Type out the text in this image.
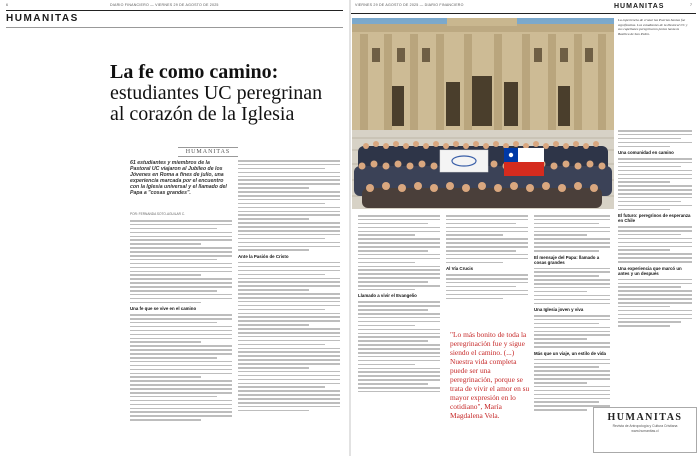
6	DIARIO FINANCIERO — VIERNES 29 DE AGOSTO DE 2025
HUMANITAS
La fe como camino:
estudiantes UC peregrinan
al corazón de la Iglesia
HUMANITAS
61 estudiantes y miembros de la Pastoral UC viajaron al Jubileo de los Jóvenes en Roma a fines de julio, una experiencia marcada por el encuentro con la Iglesia universal y el llamado del Papa a "cosas grandes".
POR: FERNANDA SOTO-AGUILAR C.
Una fe que se vive en el camino
Ante la Pasión de Cristo
VIERNES 29 DE AGOSTO DE 2025 — DIARIO FINANCIERO	HUMANITAS	7
La experiencia de cruzar las Puertas Santas fue significativa. Los estudiantes de la Pastoral UC y sus capellanes peregrinaron juntos hasta la Basílica de San Pedro.
Llamado a vivir el Evangelio
Al Vía Crucis
"Lo más bonito de toda la peregrinación fue y sigue siendo el camino. (...) Nuestra vida completa puede ser una peregrinación, porque se trata de vivir el amor en su mayor expresión en lo cotidiano", María Magdalena Vela.
El mensaje del Papa: llamado a cosas grandes
Una Iglesia joven y viva
Más que un viaje, un estilo de vida
Una comunidad en camino
El futuro: peregrinos de esperanza en Chile
Una experiencia que marcó un antes y un después
HUMANITAS
Revista de Antropología y Cultura Cristiana
www.humanitas.cl
